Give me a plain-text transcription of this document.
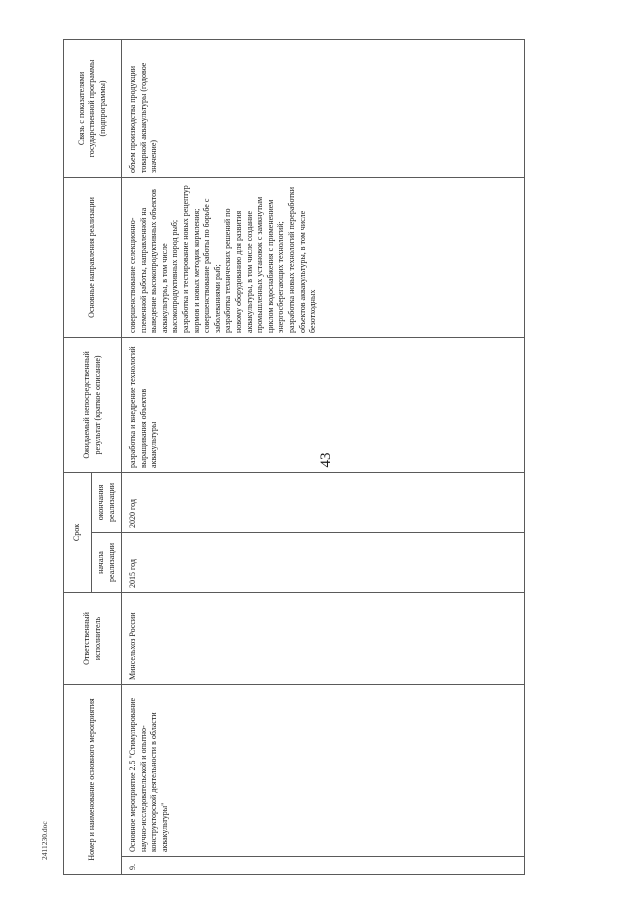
43
2411230.doc	Номер и наименование основного мероприятия		Ответственный исполнитель	Срок		Ожидаемый непосредственный результат (краткое описание)	Основные направления реализации	Связь с показателями государственной программы (подпрограммы)
			начала реализации	окончания реализации			
9.	Основное мероприятие 2.5 "Стимулирование научно-исследовательской и опытно-конструкторской деятельности в области аквакультуры"	Минсельхоз России	2015 год	2020 год	разработка и внедрение технологий выращивания объектов аквакультуры	совершенствование селекционно-племенной работы, направленной на выведение высокопродуктивных объектов аквакультуры, в том числе высокопродуктивных пород рыб;
разработка и тестирование новых рецептур кормов и новых методик кормления;
совершенствование работы по борьбе с заболеваниями рыб;
разработка технических решений по новому оборудованию для развития аквакультуры, в том числе создание промышленных установок с замкнутым циклом водоснабжения с применением энергосберегающих технологий;
разработка новых технологий переработки объектов аквакультуры, в том числе безотходных	объем производства продукции товарной аквакультуры (годовое значение)
